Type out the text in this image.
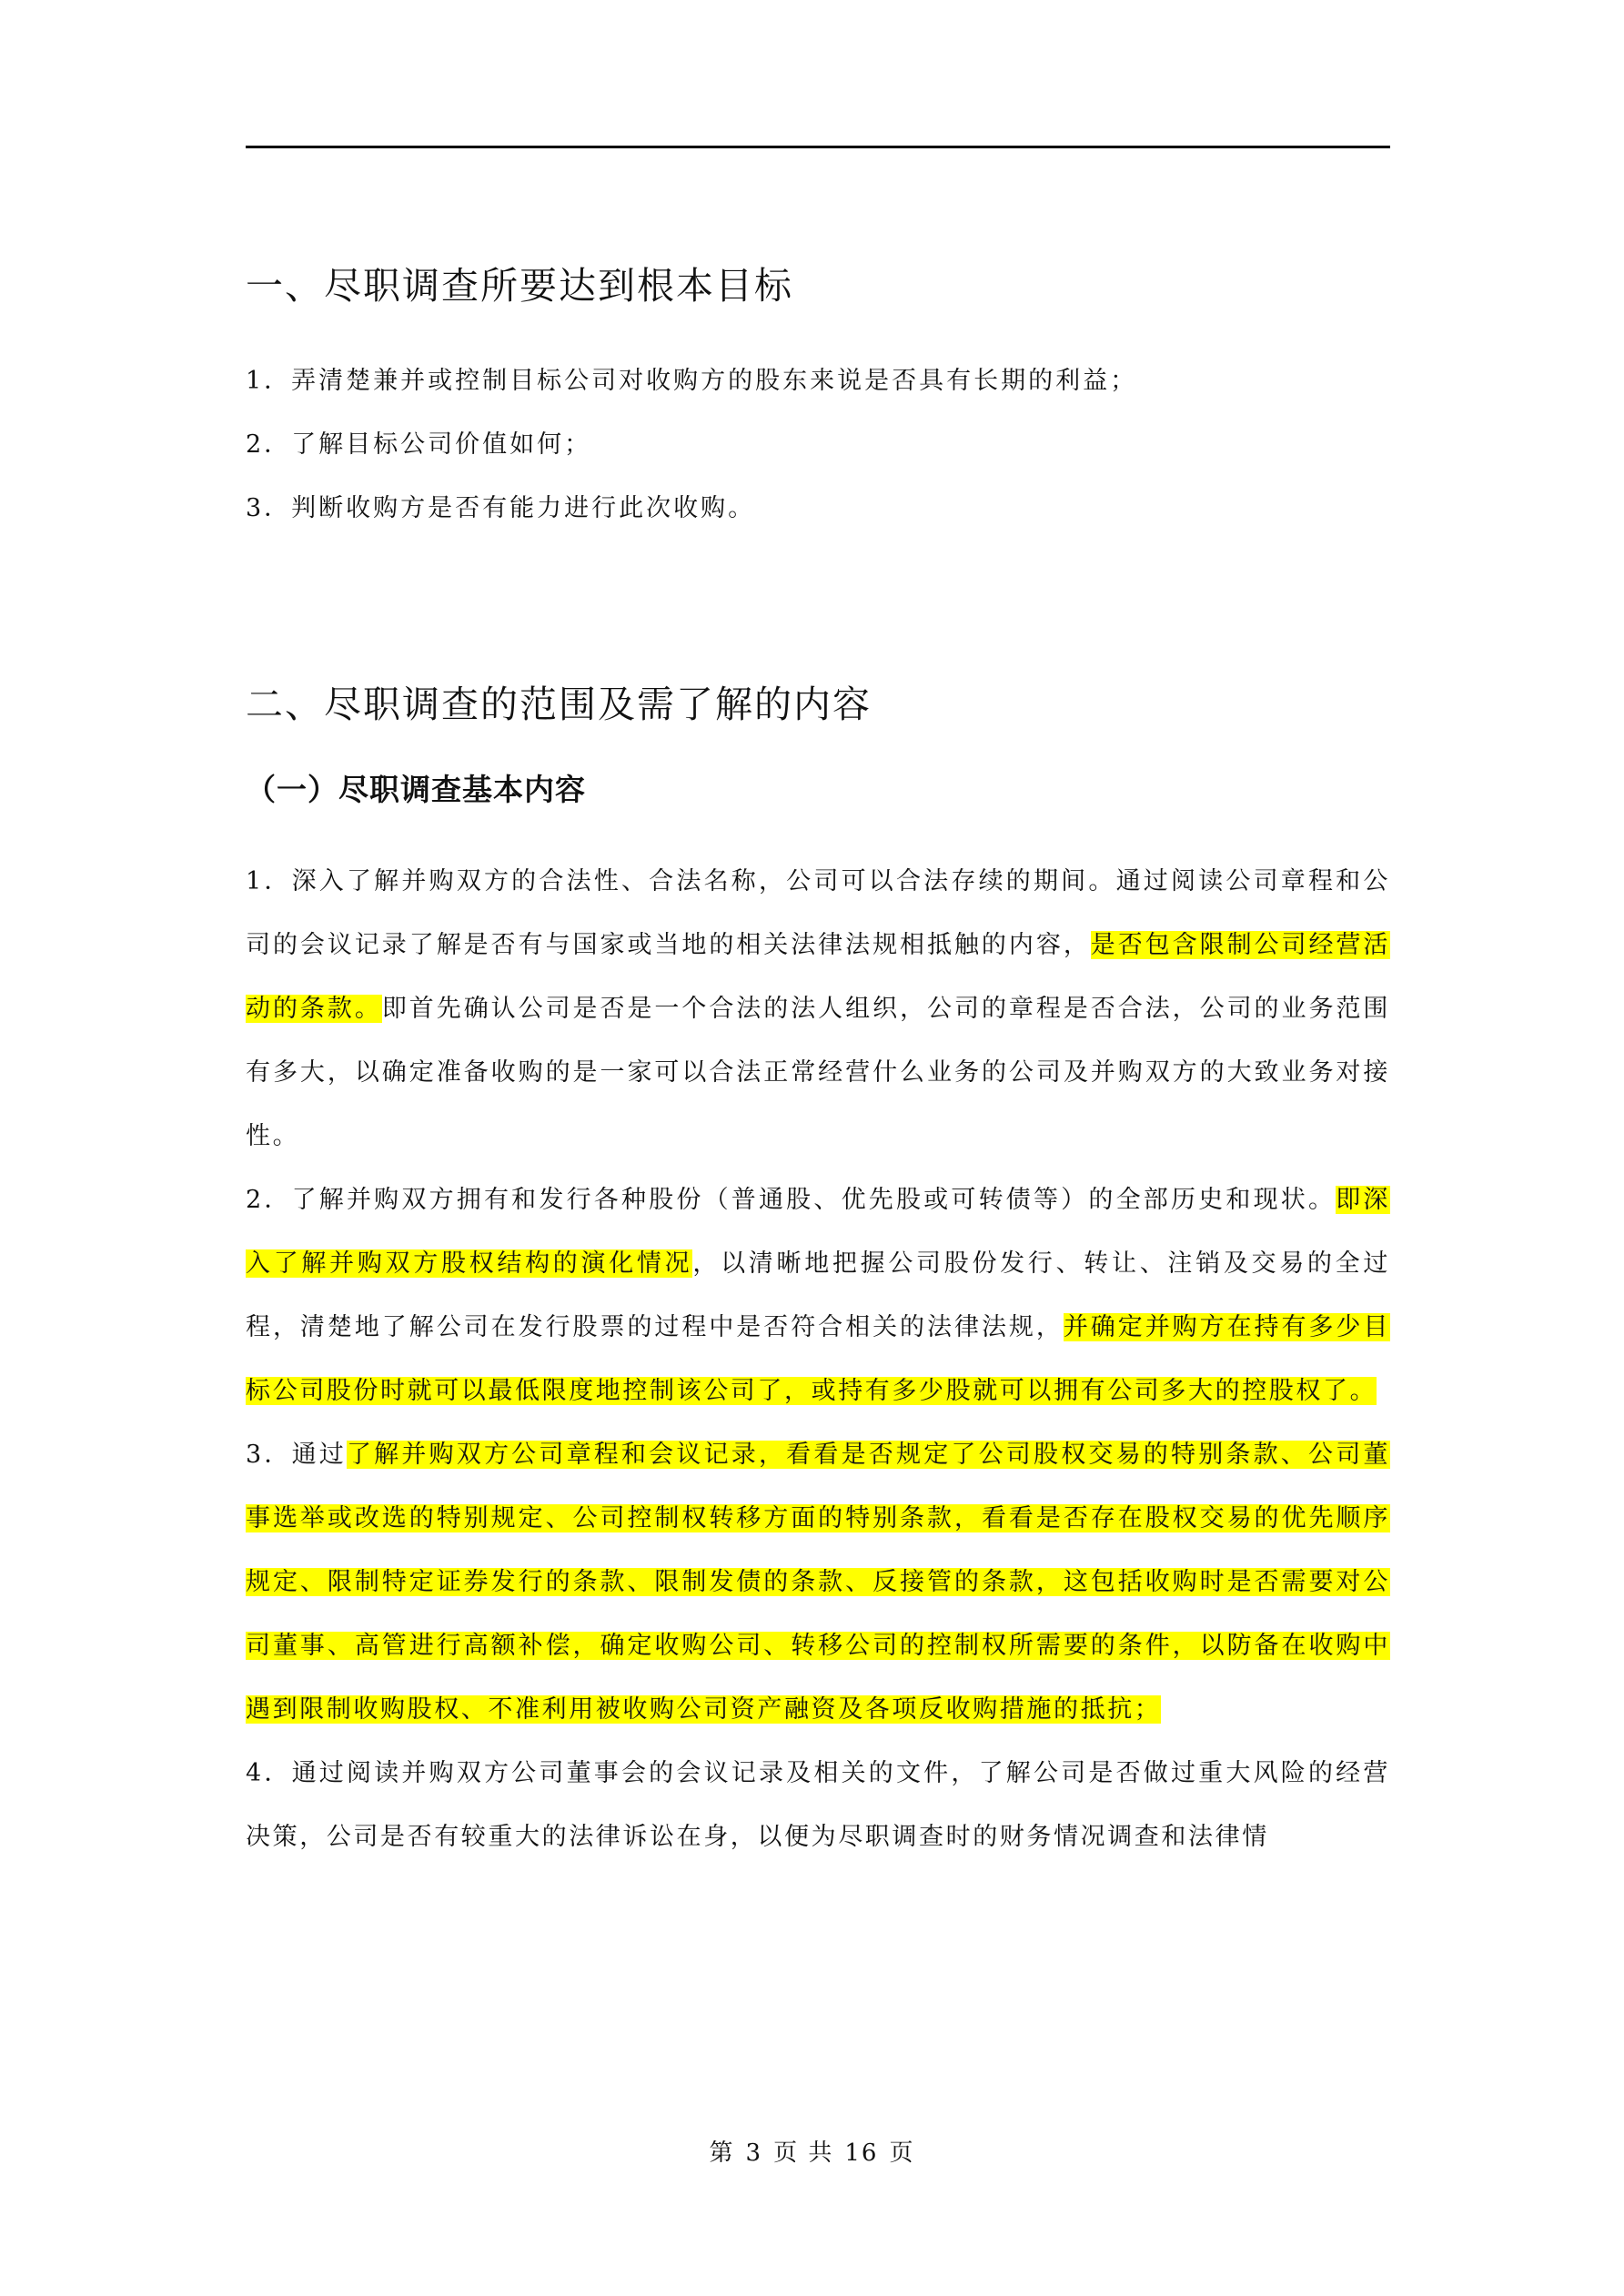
一、尽职调查所要达到根本目标

1．弄清楚兼并或控制目标公司对收购方的股东来说是否具有长期的利益；

2．了解目标公司价值如何；

3．判断收购方是否有能力进行此次收购。

二、尽职调查的范围及需了解的内容
（一）尽职调查基本内容

1．深入了解并购双方的合法性、合法名称，公司可以合法存续的期间。通过阅读公司章程和公司的会议记录了解是否有与国家或当地的相关法律法规相抵触的内容，是否包含限制公司经营活动的条款。即首先确认公司是否是一个合法的法人组织，公司的章程是否合法，公司的业务范围有多大，以确定准备收购的是一家可以合法正常经营什么业务的公司及并购双方的大致业务对接性。

2．了解并购双方拥有和发行各种股份（普通股、优先股或可转债等）的全部历史和现状。即深入了解并购双方股权结构的演化情况，以清晰地把握公司股份发行、转让、注销及交易的全过程，清楚地了解公司在发行股票的过程中是否符合相关的法律法规，并确定并购方在持有多少目标公司股份时就可以最低限度地控制该公司了，或持有多少股就可以拥有公司多大的控股权了。

3．通过了解并购双方公司章程和会议记录，看看是否规定了公司股权交易的特别条款、公司董事选举或改选的特别规定、公司控制权转移方面的特别条款，看看是否存在股权交易的优先顺序规定、限制特定证券发行的条款、限制发债的条款、反接管的条款，这包括收购时是否需要对公司董事、高管进行高额补偿，确定收购公司、转移公司的控制权所需要的条件，以防备在收购中遇到限制收购股权、不准利用被收购公司资产融资及各项反收购措施的抵抗；

4．通过阅读并购双方公司董事会的会议记录及相关的文件，了解公司是否做过重大风险的经营决策，公司是否有较重大的法律诉讼在身，以便为尽职调查时的财务情况调查和法律情

第 3 页 共 16 页
